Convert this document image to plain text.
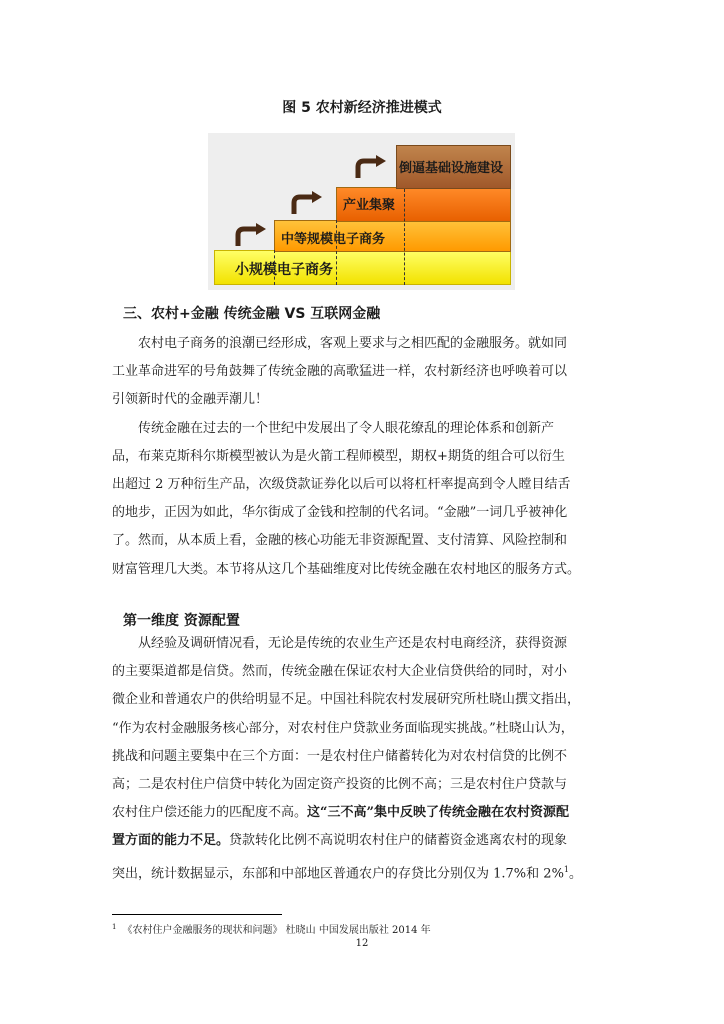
图 5 农村新经济推进模式
小规模电子商务
中等规模电子商务
产业集聚
倒逼基础设施建设
三、农村+金融 传统金融 VS 互联网金融
农村电子商务的浪潮已经形成，客观上要求与之相匹配的金融服务。就如同
工业革命进军的号角鼓舞了传统金融的高歌猛进一样，农村新经济也呼唤着可以
引领新时代的金融弄潮儿！
传统金融在过去的一个世纪中发展出了令人眼花缭乱的理论体系和创新产
品，布莱克斯科尔斯模型被认为是火箭工程师模型，期权+期货的组合可以衍生
出超过 2 万种衍生产品，次级贷款证券化以后可以将杠杆率提高到令人瞠目结舌
的地步，正因为如此，华尔街成了金钱和控制的代名词。“金融”一词几乎被神化
了。然而，从本质上看，金融的核心功能无非资源配置、支付清算、风险控制和
财富管理几大类。本节将从这几个基础维度对比传统金融在农村地区的服务方式。
第一维度 资源配置
从经验及调研情况看，无论是传统的农业生产还是农村电商经济，获得资源
的主要渠道都是信贷。然而，传统金融在保证农村大企业信贷供给的同时，对小
微企业和普通农户的供给明显不足。中国社科院农村发展研究所杜晓山撰文指出，
“作为农村金融服务核心部分，对农村住户贷款业务面临现实挑战。”杜晓山认为，
挑战和问题主要集中在三个方面：一是农村住户储蓄转化为对农村信贷的比例不
高；二是农村住户信贷中转化为固定资产投资的比例不高；三是农村住户贷款与
农村住户偿还能力的匹配度不高。这“三不高”集中反映了传统金融在农村资源配
置方面的能力不足。贷款转化比例不高说明农村住户的储蓄资金逃离农村的现象
突出，统计数据显示，东部和中部地区普通农户的存贷比分别仅为 1.7%和 2%$^1$。
$^1$ 《农村住户金融服务的现状和问题》 杜晓山 中国发展出版社 2014 年
12
